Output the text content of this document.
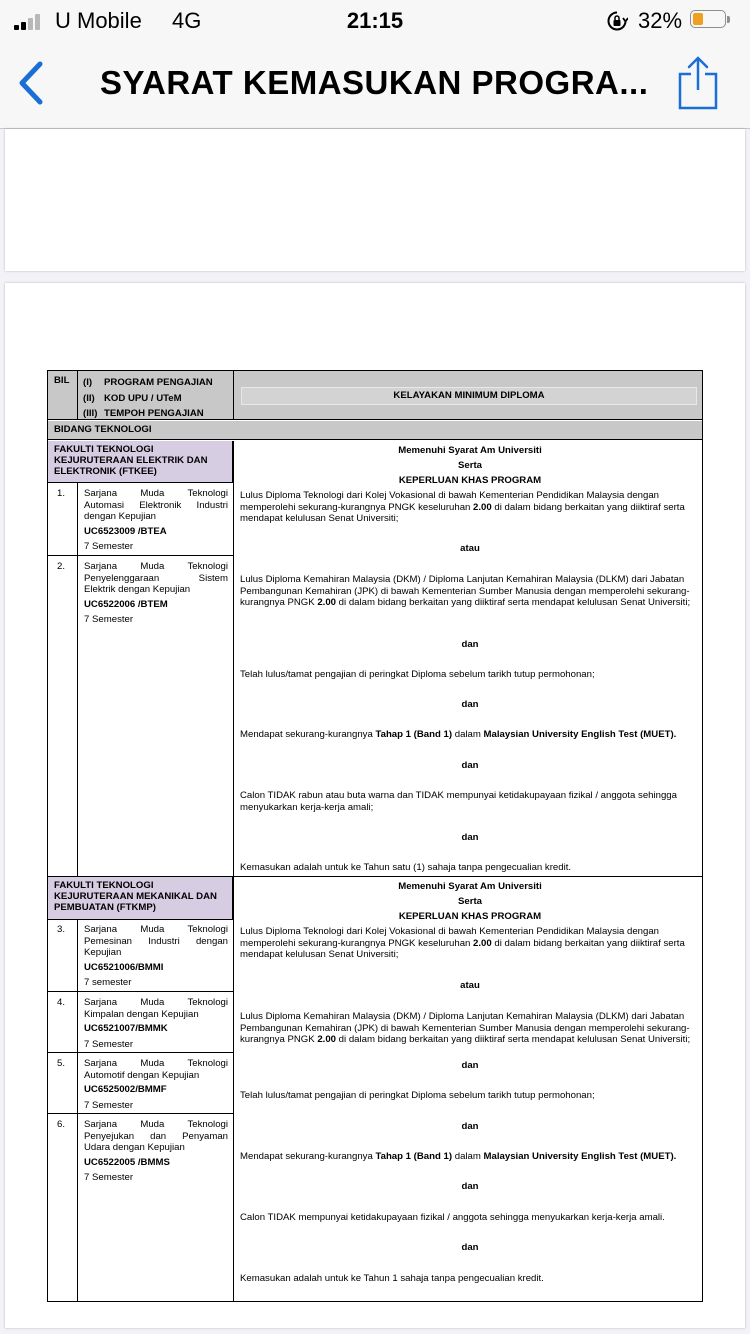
U Mobile 4G	21:15	32%
SYARAT KEMASUKAN PROGRA...
BIL (I) PROGRAM PENGAJIAN
(II) KOD UPU / UTeM
(III) TEMPOH PENGAJIAN
KELAYAKAN MINIMUM DIPLOMA
BIDANG TEKNOLOGI
FAKULTI TEKNOLOGI KEJURUTERAAN ELEKTRIK DAN ELEKTRONIK (FTKEE)
1. Sarjana Muda Teknologi
Automasi Elektronik Industri
dengan Kepujian
UC6523009 /BTEA
7 Semester
2. Sarjana Muda Teknologi
Penyelenggaraan Sistem
Elektrik dengan Kepujian
UC6522006 /BTEM
7 Semester
Memenuhi Syarat Am Universiti
Serta
KEPERLUAN KHAS PROGRAM
Lulus Diploma Teknologi dari Kolej Vokasional di bawah Kementerian Pendidikan Malaysia dengan memperolehi sekurang-kurangnya PNGK keseluruhan 2.00 di dalam bidang berkaitan yang diiktiraf serta mendapat kelulusan Senat Universiti;
atau
Lulus Diploma Kemahiran Malaysia (DKM) / Diploma Lanjutan Kemahiran Malaysia (DLKM) dari Jabatan Pembangunan Kemahiran (JPK) di bawah Kementerian Sumber Manusia dengan memperolehi sekurang-kurangnya PNGK 2.00 di dalam bidang berkaitan yang diiktiraf serta mendapat kelulusan Senat Universiti;
dan
Telah lulus/tamat pengajian di peringkat Diploma sebelum tarikh tutup permohonan;
dan
Mendapat sekurang-kurangnya Tahap 1 (Band 1) dalam Malaysian University English Test (MUET).
dan
Calon TIDAK rabun atau buta warna dan TIDAK mempunyai ketidakupayaan fizikal / anggota sehingga menyukarkan kerja-kerja amali;
dan
Kemasukan adalah untuk ke Tahun satu (1) sahaja tanpa pengecualian kredit.
FAKULTI TEKNOLOGI KEJURUTERAAN MEKANIKAL DAN PEMBUATAN (FTKMP)
3. Sarjana Muda Teknologi
Pemesinan Industri dengan
Kepujian
UC6521006/BMMI
7 semester
4. Sarjana Muda Teknologi
Kimpalan dengan Kepujian
UC6521007/BMMK
7 Semester
5. Sarjana Muda Teknologi
Automotif dengan Kepujian
UC6525002/BMMF
7 Semester
6. Sarjana Muda Teknologi
Penyejukan dan Penyaman
Udara dengan Kepujian
UC6522005 /BMMS
7 Semester
Memenuhi Syarat Am Universiti
Serta
KEPERLUAN KHAS PROGRAM
Lulus Diploma Teknologi dari Kolej Vokasional di bawah Kementerian Pendidikan Malaysia dengan memperolehi sekurang-kurangnya PNGK keseluruhan 2.00 di dalam bidang berkaitan yang diiktiraf serta mendapat kelulusan Senat Universiti;
atau
Lulus Diploma Kemahiran Malaysia (DKM) / Diploma Lanjutan Kemahiran Malaysia (DLKM) dari Jabatan Pembangunan Kemahiran (JPK) di bawah Kementerian Sumber Manusia dengan memperolehi sekurang-kurangnya PNGK 2.00 di dalam bidang berkaitan yang diiktiraf serta mendapat kelulusan Senat Universiti;
dan
Telah lulus/tamat pengajian di peringkat Diploma sebelum tarikh tutup permohonan;
dan
Mendapat sekurang-kurangnya Tahap 1 (Band 1) dalam Malaysian University English Test (MUET).
dan
Calon TIDAK mempunyai ketidakupayaan fizikal / anggota sehingga menyukarkan kerja-kerja amali.
dan
Kemasukan adalah untuk ke Tahun 1 sahaja tanpa pengecualian kredit.
